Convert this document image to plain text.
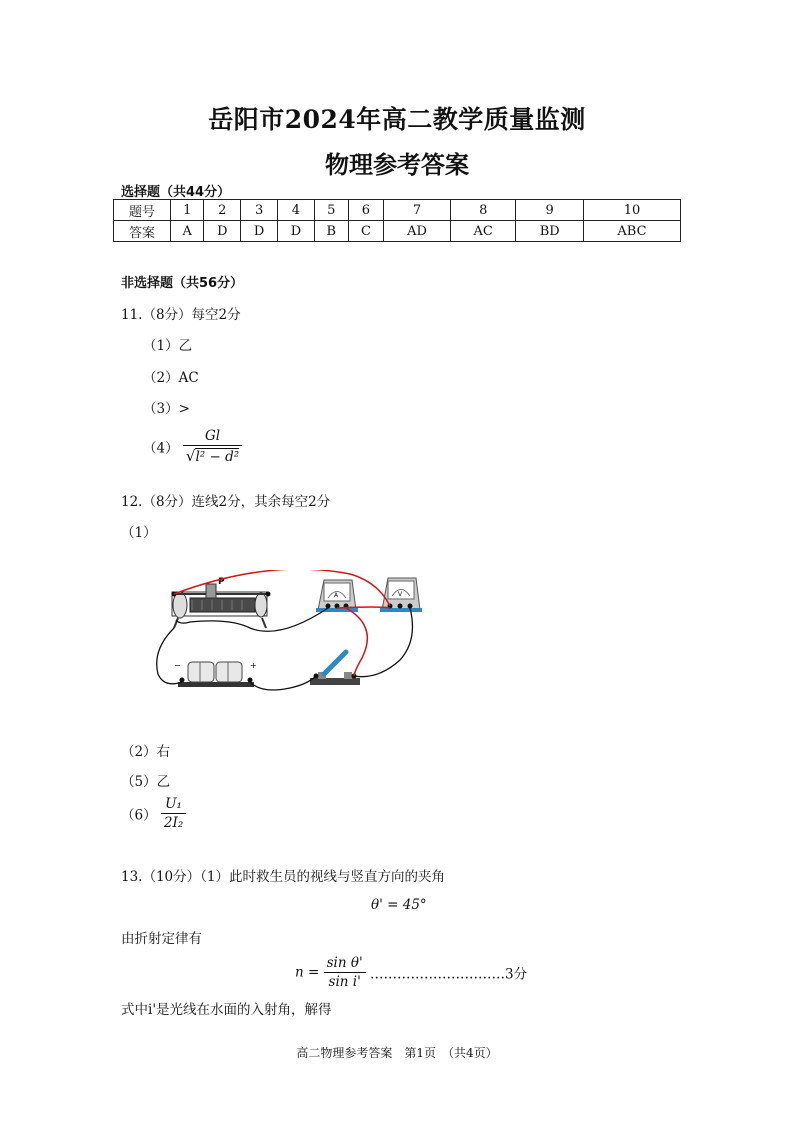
岳阳市2024年高二教学质量监测
物理参考答案
选择题（共44分）
题号	1	2	3	4	5	6	7	8	9	10
答案	A	D	D	D	B	C	AD	AC	BD	ABC
非选择题（共56分）
11.（8分）每空2分
（1）乙
（2）AC
（3）>
$(4) \frac{Gl}{\text{√l² − d²}}$
12.（8分）连线2分，其余每空2分
（1）
P
A	V
−	+
（2）右
（5）乙
$(6) \frac{\text{U₁}}{\text{2I₂}}$
13.（10分）（1）此时救生员的视线与竖直方向的夹角
θ' = 45°
由折射定律有
$n = \frac{\text{sin θ'}}{\text{sin i'}}$ …………………………3分
式中i'是光线在水面的入射角，解得
高二物理参考答案　第1页　（共4页）
